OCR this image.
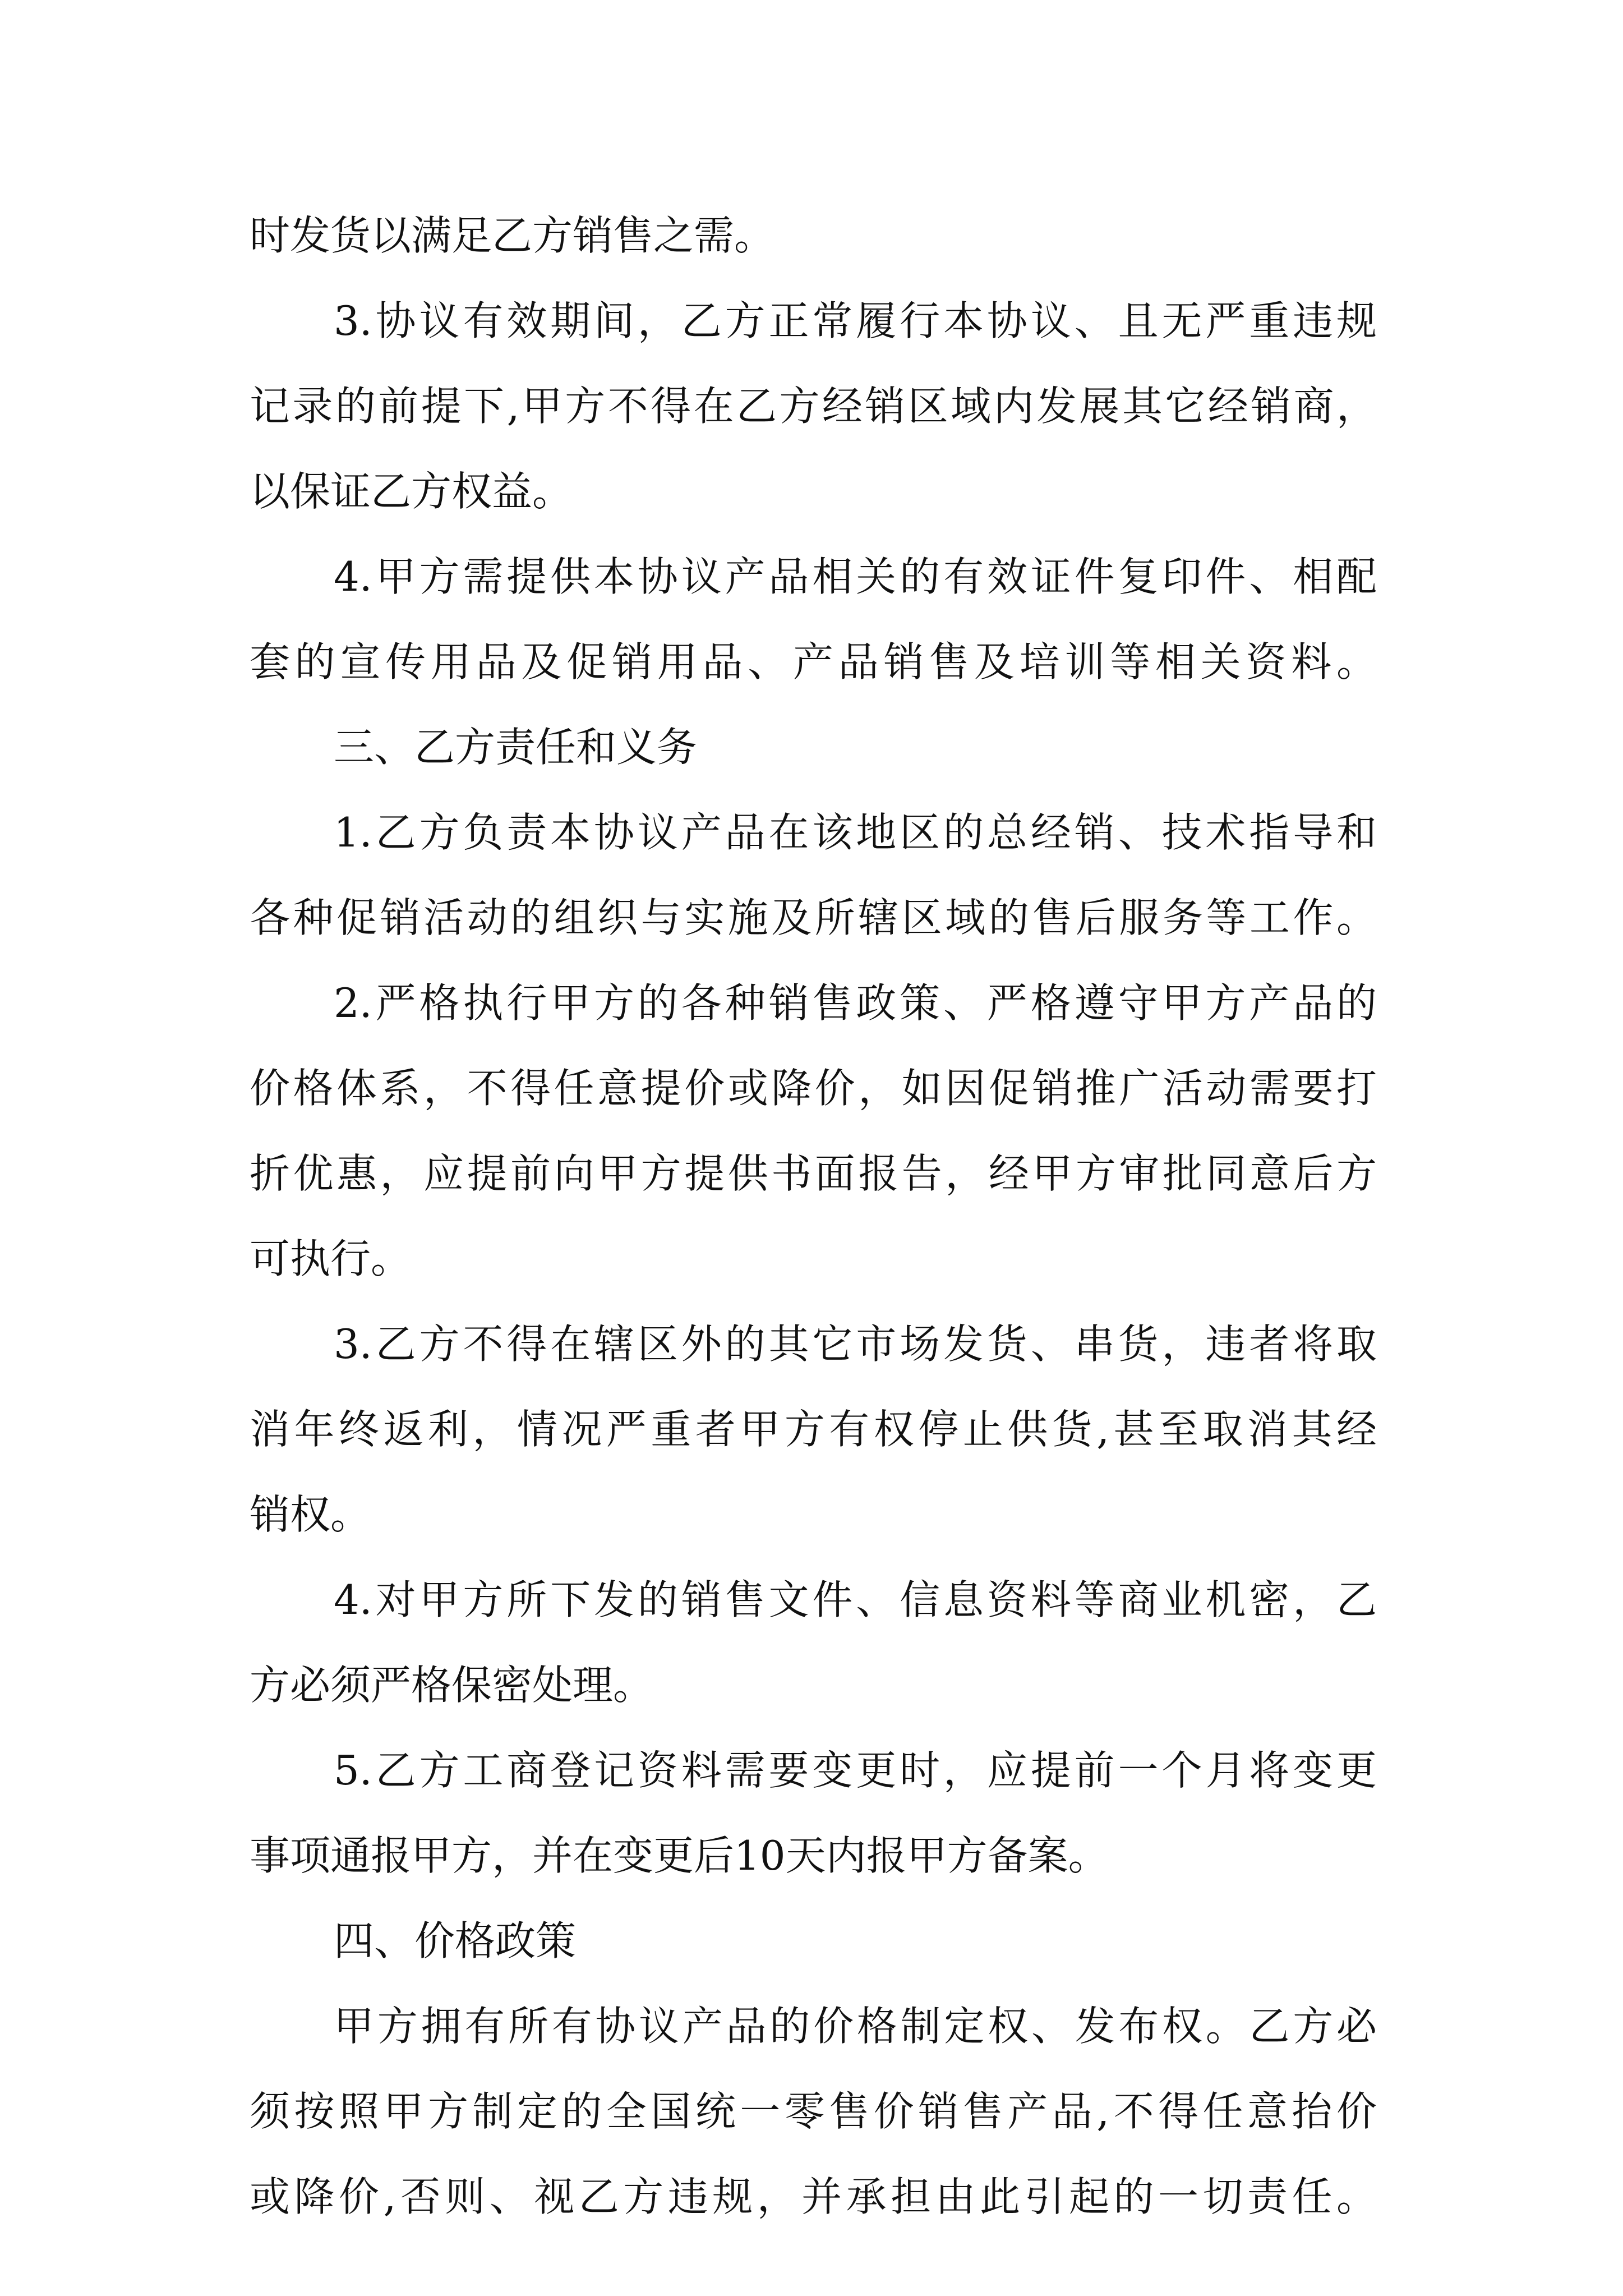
时发货以满足乙方销售之需。

3.协议有效期间，乙方正常履行本协议、且无严重违规

记录的前提下,甲方不得在乙方经销区域内发展其它经销商，

以保证乙方权益。

4.甲方需提供本协议产品相关的有效证件复印件、相配

套的宣传用品及促销用品、产品销售及培训等相关资料。

三、乙方责任和义务

1.乙方负责本协议产品在该地区的总经销、技术指导和

各种促销活动的组织与实施及所辖区域的售后服务等工作。

2.严格执行甲方的各种销售政策、严格遵守甲方产品的

价格体系，不得任意提价或降价，如因促销推广活动需要打

折优惠，应提前向甲方提供书面报告，经甲方审批同意后方

可执行。

3.乙方不得在辖区外的其它市场发货、串货，违者将取

消年终返利，情况严重者甲方有权停止供货,甚至取消其经

销权。

4.对甲方所下发的销售文件、信息资料等商业机密，乙

方必须严格保密处理。

5.乙方工商登记资料需要变更时，应提前一个月将变更

事项通报甲方，并在变更后10天内报甲方备案。

四、价格政策

甲方拥有所有协议产品的价格制定权、发布权。乙方必

须按照甲方制定的全国统一零售价销售产品,不得任意抬价

或降价,否则、视乙方违规，并承担由此引起的一切责任。
